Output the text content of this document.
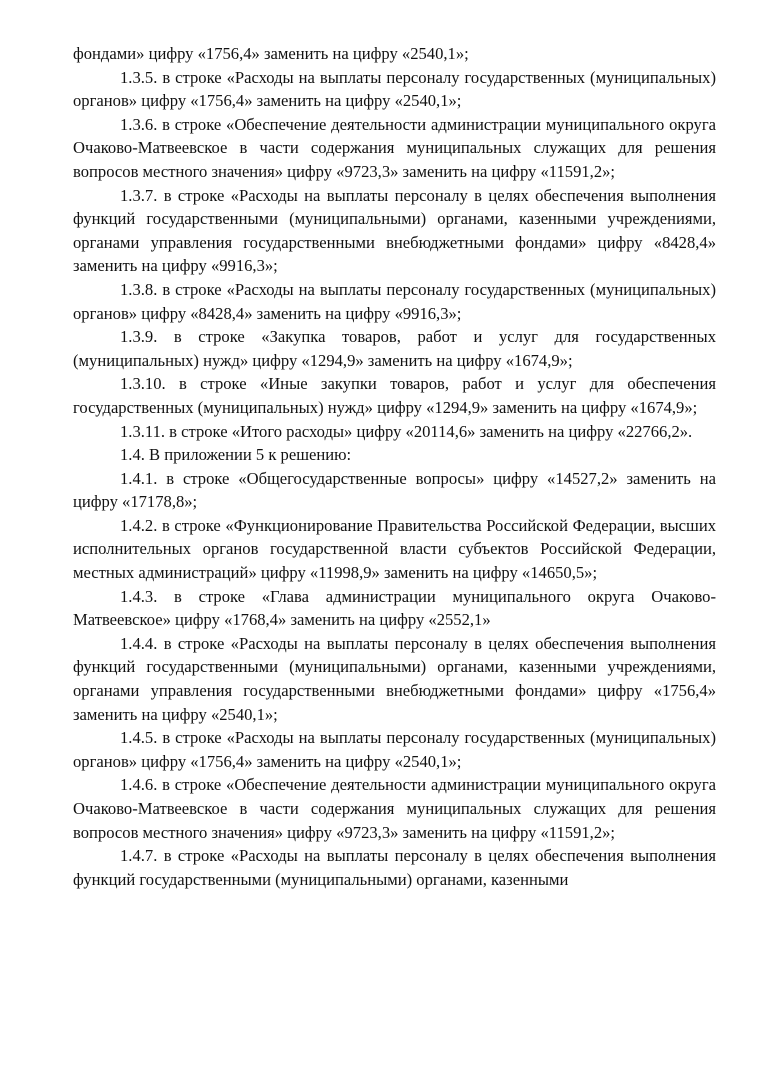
фондами» цифру «1756,4» заменить на цифру «2540,1»;

1.3.5. в строке «Расходы на выплаты персоналу государственных (муниципальных) органов» цифру «1756,4» заменить на цифру «2540,1»;

1.3.6. в строке «Обеспечение деятельности администрации муниципального округа Очаково-Матвеевское в части содержания муниципальных служащих для решения вопросов местного значения» цифру «9723,3» заменить на цифру «11591,2»;

1.3.7. в строке «Расходы на выплаты персоналу в целях обеспечения выполнения функций государственными (муниципальными) органами, казенными учреждениями, органами управления государственными внебюджетными фондами» цифру «8428,4» заменить на цифру «9916,3»;

1.3.8. в строке «Расходы на выплаты персоналу государственных (муниципальных) органов» цифру «8428,4» заменить на цифру «9916,3»;

1.3.9. в строке «Закупка товаров, работ и услуг для государственных (муниципальных) нужд» цифру «1294,9» заменить на цифру «1674,9»;

1.3.10. в строке «Иные закупки товаров, работ и услуг для обеспечения государственных (муниципальных) нужд» цифру «1294,9» заменить на цифру «1674,9»;

1.3.11. в строке «Итого расходы» цифру «20114,6» заменить на цифру «22766,2».

1.4. В приложении 5 к решению:

1.4.1. в строке «Общегосударственные вопросы» цифру «14527,2» заменить на цифру «17178,8»;

1.4.2. в строке «Функционирование Правительства Российской Федерации, высших исполнительных органов государственной власти субъектов Российской Федерации, местных администраций» цифру «11998,9» заменить на цифру «14650,5»;

1.4.3. в строке «Глава администрации муниципального округа Очаково-Матвеевское» цифру «1768,4» заменить на цифру «2552,1»

1.4.4. в строке «Расходы на выплаты персоналу в целях обеспечения выполнения функций государственными (муниципальными) органами, казенными учреждениями, органами управления государственными внебюджетными фондами» цифру «1756,4» заменить на цифру «2540,1»;

1.4.5. в строке «Расходы на выплаты персоналу государственных (муниципальных) органов» цифру «1756,4» заменить на цифру «2540,1»;

1.4.6. в строке «Обеспечение деятельности администрации муниципального округа Очаково-Матвеевское в части содержания муниципальных служащих для решения вопросов местного значения» цифру «9723,3» заменить на цифру «11591,2»;

1.4.7. в строке «Расходы на выплаты персоналу в целях обеспечения выполнения функций государственными (муниципальными) органами, казенными
